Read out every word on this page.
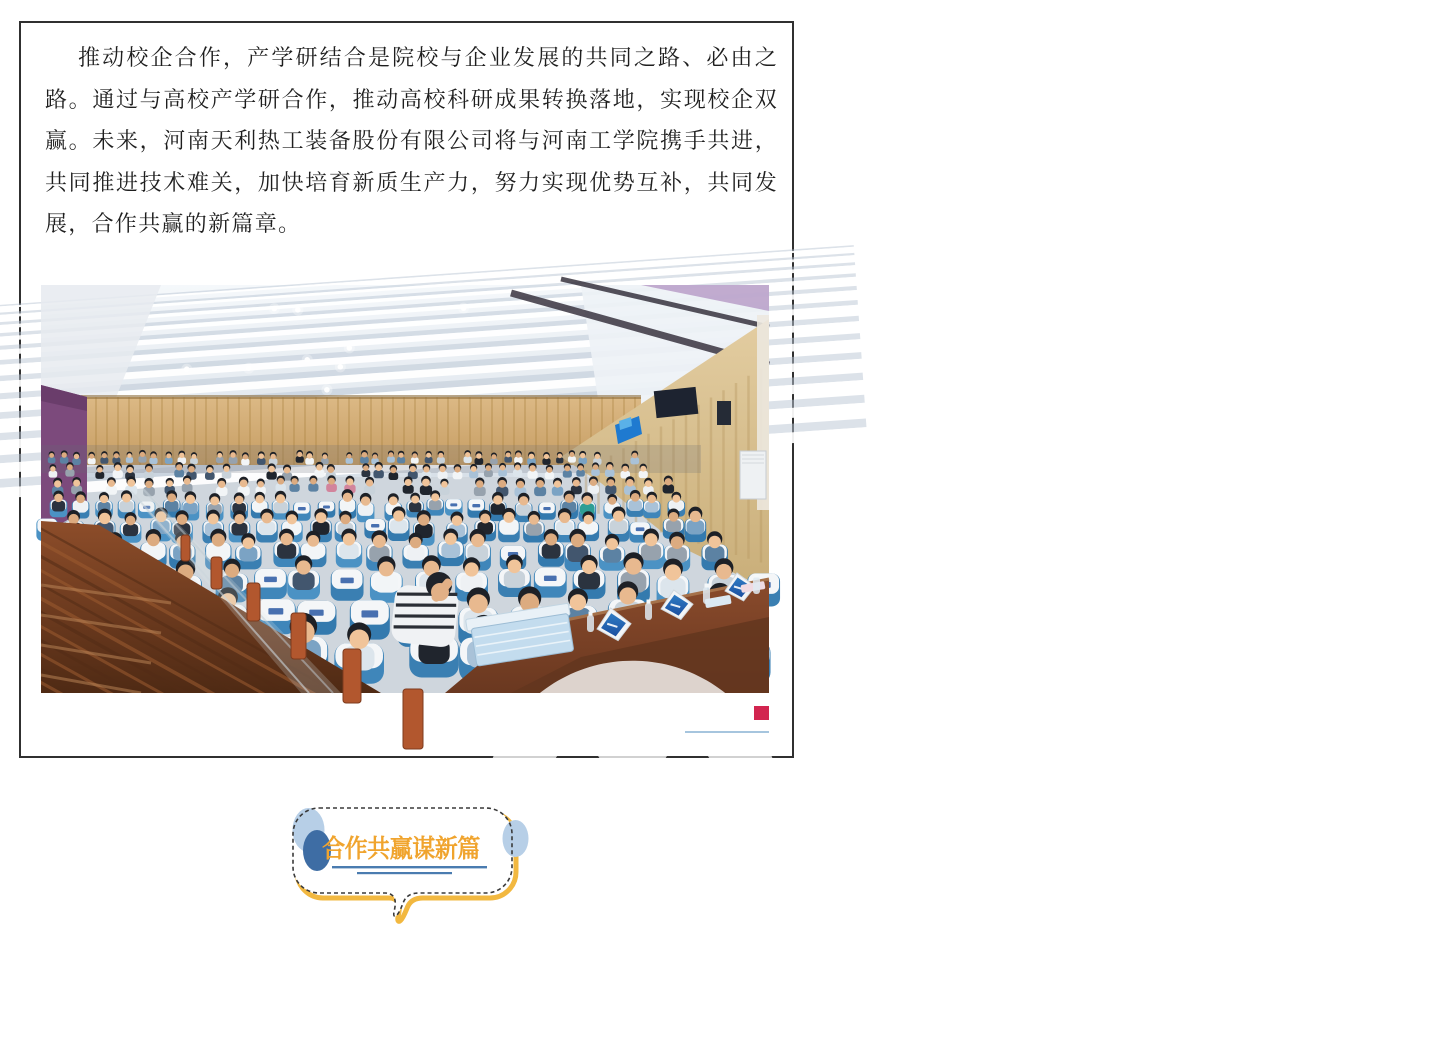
推动校企合作，产学研结合是院校与企业发展的共同之路、必由之路。通过与高校产学研合作，推动高校科研成果转换落地，实现校企双赢。未来，河南天利热工装备股份有限公司将与河南工学院携手共进，共同推进技术难关，加快培育新质生产力，努力实现优势互补，共同发展，合作共赢的新篇章。

公众号 · 河南天利热工装备股份有限公司
合作共赢谋新篇
